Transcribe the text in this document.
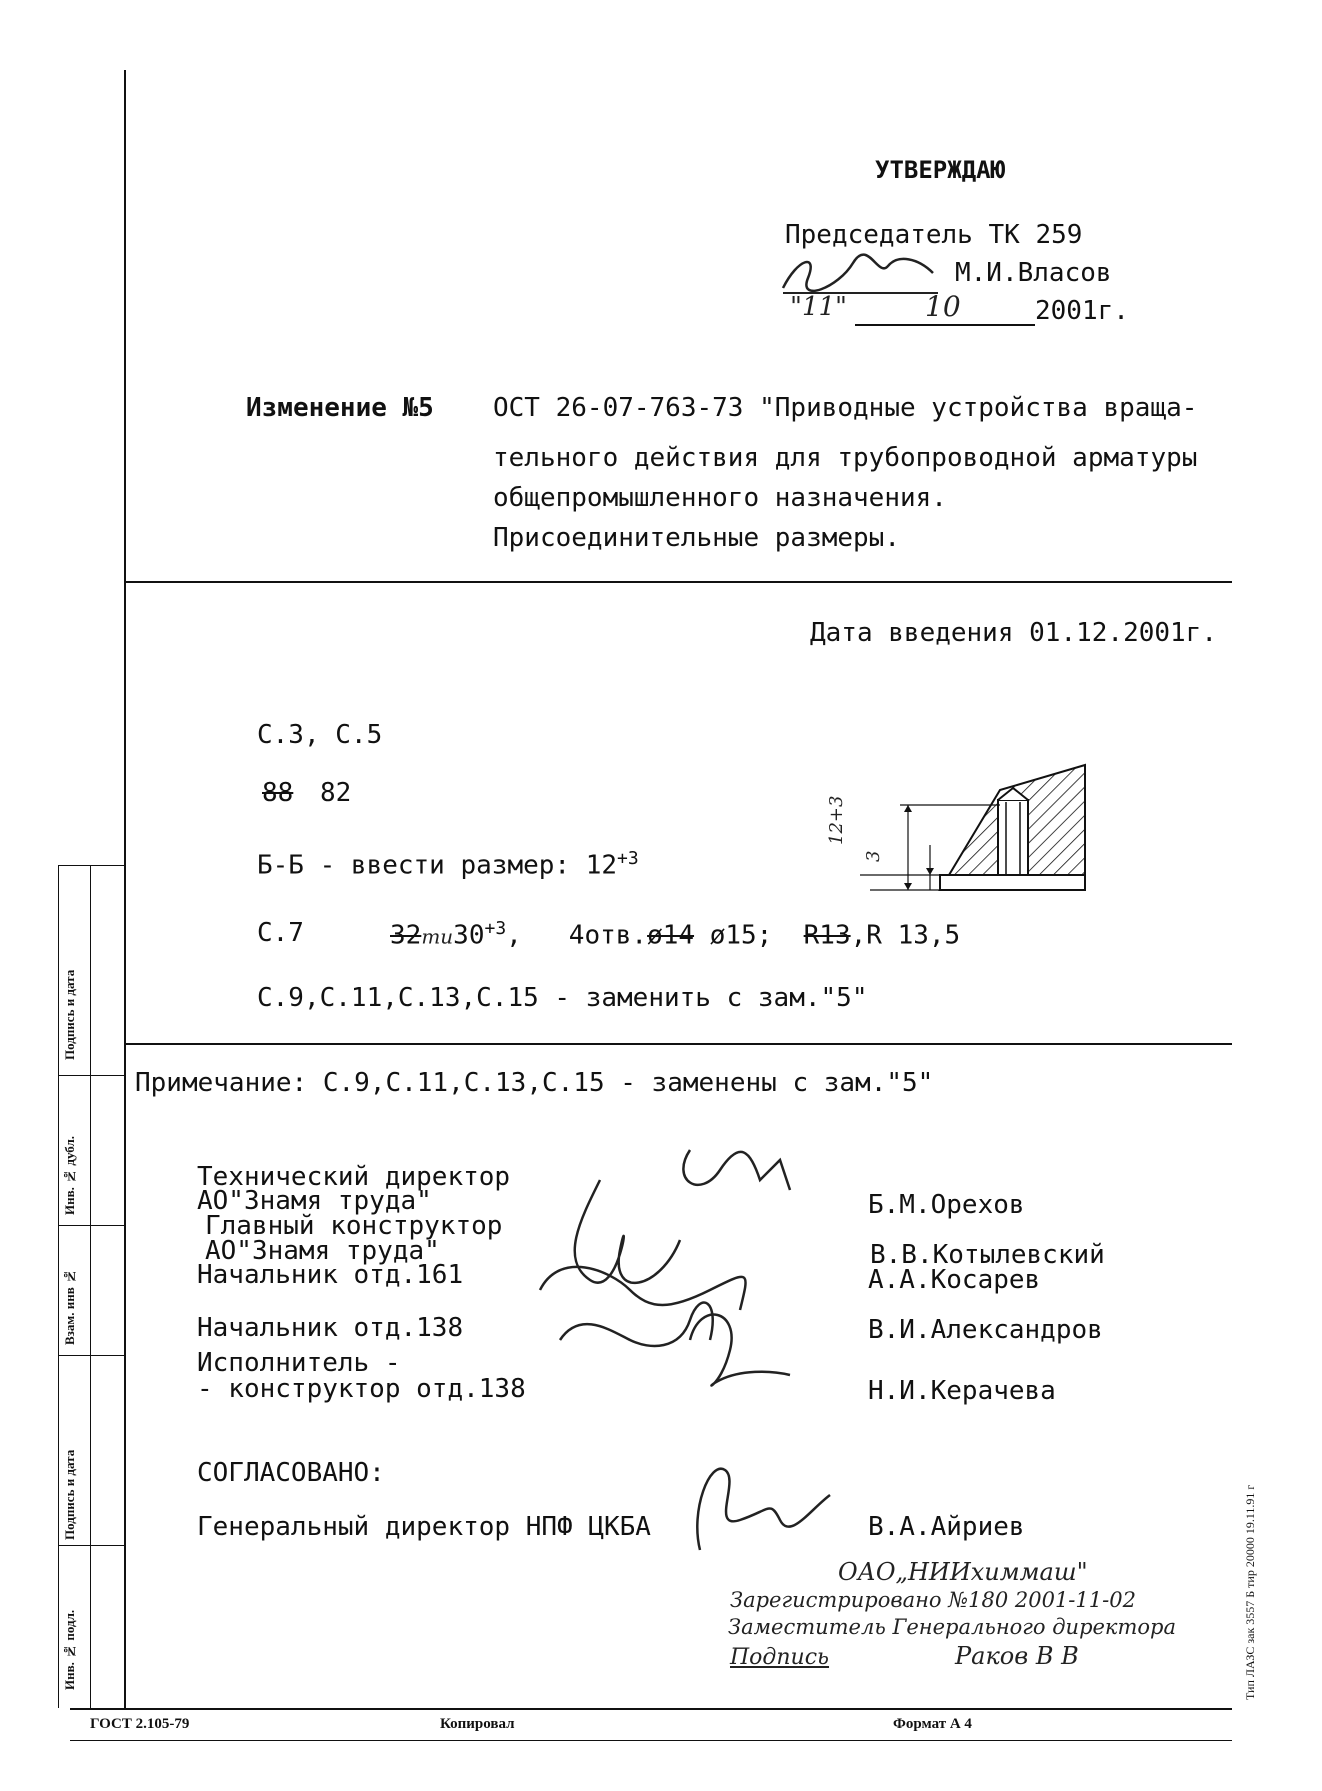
Подпись и дата
Инв. № дубл.
Взам. инв №
Подпись и дата
Инв. № подл.	Тип ЛАЗС зак 3557 Б тир 20000 19.11.91 г
УТВЕРЖДАЮ
Председатель ТК 259
М.И.Власов
"11"	10	2001г.
Изменение №5 ОСТ 26-07-763-73 "Приводные устройства враща-
тельного действия для трубопроводной арматуры
общепромышленного назначения.
Присоединительные размеры.
Дата введения 01.12.2001г.
С.3, С.5
88 82
Б-Б - ввести размер: $12^{+3}$
С.7	$32mu30^{+3}$,   4отв.ø14 ø15; R13,R 13,5
С.9,С.11,С.13,С.15 - заменить с зам."5"
12+3
3
Примечание: С.9,С.11,С.13,С.15 - заменены с зам."5"
Технический директор
АО"Знамя труда"
Главный конструктор
АО"Знамя труда"
Начальник отд.161
Начальник отд.138
Исполнитель -
- конструктор отд.138
Б.М.Орехов
В.В.Котылевский
А.А.Косарев
В.И.Александров
Н.И.Керачева
СОГЛАСОВАНО:
Генеральный директор НПФ ЦКБА	В.А.Айриев
ОАО„НИИхиммаш"
Зарегистрировано №180 2001-11-02
Заместитель Генерального директора
Подпись	Раков В В
ГОСТ 2.105-79	Копировал	Формат А 4
